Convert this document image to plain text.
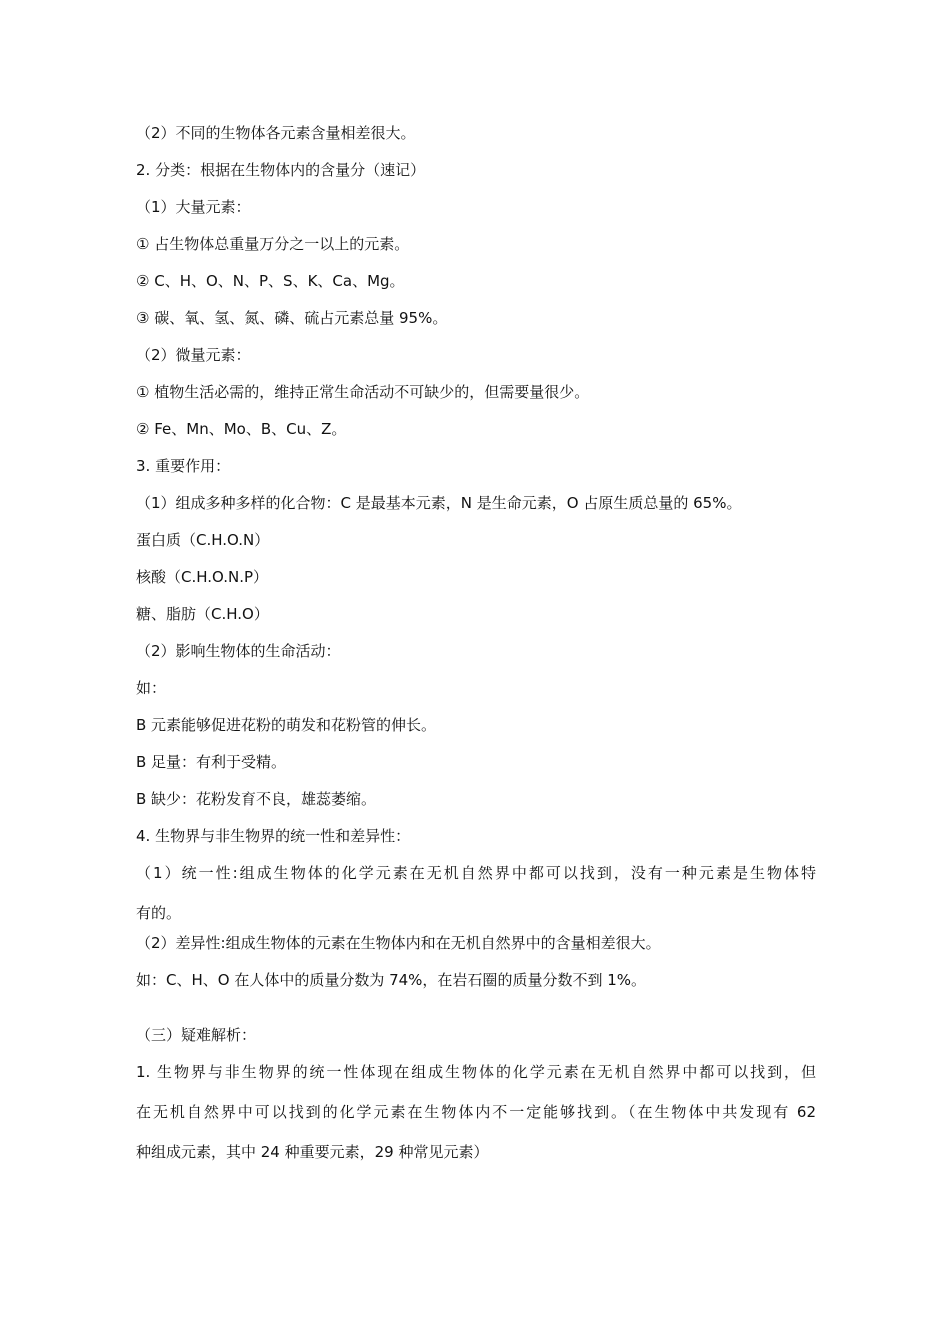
（2）不同的生物体各元素含量相差很大。
2. 分类：根据在生物体内的含量分（速记）
（1）大量元素：
① 占生物体总重量万分之一以上的元素。
② C、H、O、N、P、S、K、Ca、Mg。
③ 碳、氧、氢、氮、磷、硫占元素总量 95%。
（2）微量元素：
① 植物生活必需的，维持正常生命活动不可缺少的，但需要量很少。
② Fe、Mn、Mo、B、Cu、Z。
3. 重要作用：
（1）组成多种多样的化合物：C 是最基本元素，N 是生命元素，O 占原生质总量的 65%。
蛋白质（C.H.O.N）
核酸（C.H.O.N.P）
糖、脂肪（C.H.O）
（2）影响生物体的生命活动：
如：
B 元素能够促进花粉的萌发和花粉管的伸长。
B 足量：有利于受精。
B 缺少：花粉发育不良，雄蕊萎缩。
4. 生物界与非生物界的统一性和差异性：
（1）统一性:组成生物体的化学元素在无机自然界中都可以找到，没有一种元素是生物体特
有的。
（2）差异性:组成生物体的元素在生物体内和在无机自然界中的含量相差很大。
如：C、H、O 在人体中的质量分数为 74%，在岩石圈的质量分数不到 1%。
（三）疑难解析：
1. 生物界与非生物界的统一性体现在组成生物体的化学元素在无机自然界中都可以找到，但
在无机自然界中可以找到的化学元素在生物体内不一定能够找到。（在生物体中共发现有 62
种组成元素，其中 24 种重要元素，29 种常见元素）
